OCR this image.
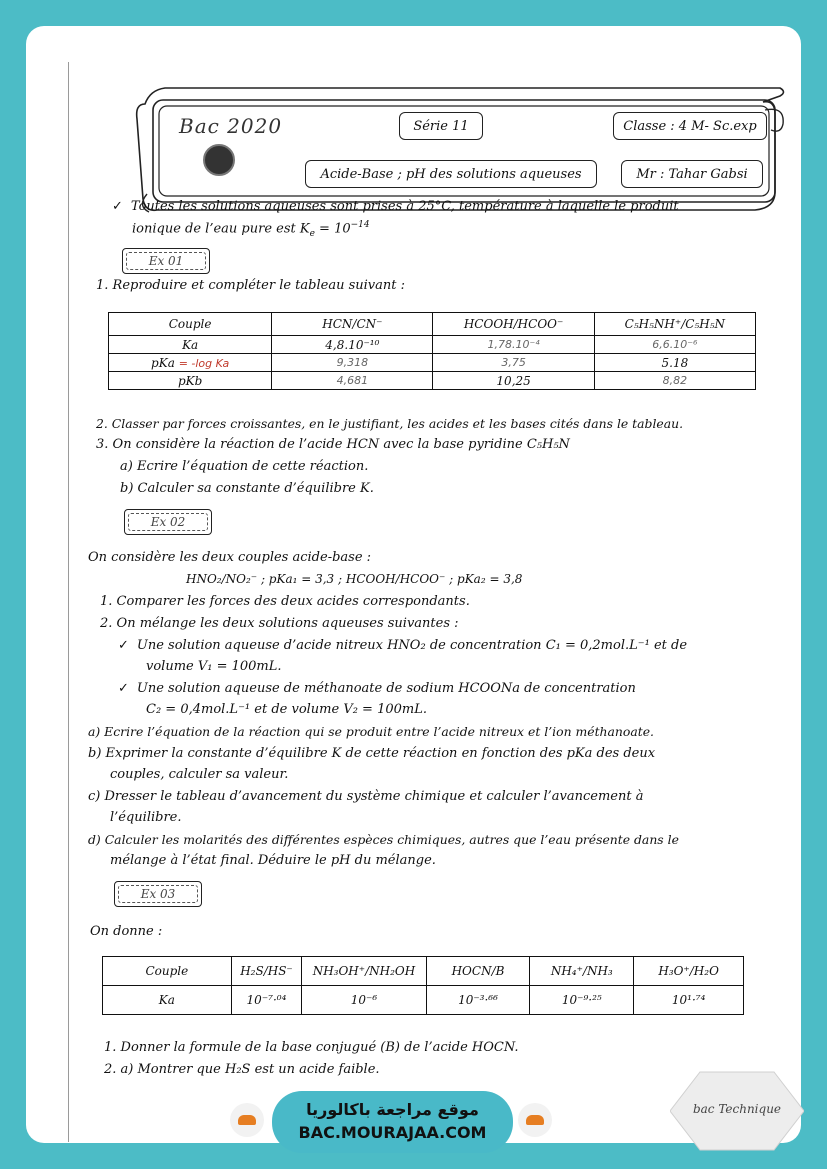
Bac 2020	Série 11	Classe : 4 M- Sc.exp
Acide-Base ; pH des solutions aqueuses	Mr : Tahar Gabsi
✓ Toutes les solutions aqueuses sont prises à 25°C, température à laquelle le produit
ionique de l’eau pure est $K_e = 10^{-14}$
Ex 01
1. Reproduire et compléter le tableau suivant :
Couple	HCN/CN⁻	HCOOH/HCOO⁻	C₅H₅NH⁺/C₅H₅N
Ka	4,8.10⁻¹⁰	1,78.10⁻⁴	6,6.10⁻⁶
pKa = -log Ka	9,318	3,75	5.18
pKb	4,681	10,25	8,82
2. Classer par forces croissantes, en le justifiant, les acides et les bases cités dans le tableau.
3. On considère la réaction de l’acide HCN avec la base pyridine C₅H₅N
a) Ecrire l’équation de cette réaction.
b) Calculer sa constante d’équilibre K.
Ex 02
On considère les deux couples acide-base :
HNO₂/NO₂⁻ ; pKa₁ = 3,3 ; HCOOH/HCOO⁻ ; pKa₂ = 3,8
1. Comparer les forces des deux acides correspondants.
2. On mélange les deux solutions aqueuses suivantes :
✓ Une solution aqueuse d’acide nitreux HNO₂ de concentration C₁ = 0,2mol.L⁻¹ et de
volume V₁ = 100mL.
✓ Une solution aqueuse de méthanoate de sodium HCOONa de concentration
C₂ = 0,4mol.L⁻¹ et de volume V₂ = 100mL.
a) Ecrire l’équation de la réaction qui se produit entre l’acide nitreux et l’ion méthanoate.
b) Exprimer la constante d’équilibre K de cette réaction en fonction des pKa des deux
couples, calculer sa valeur.
c) Dresser le tableau d’avancement du système chimique et calculer l’avancement à
l’équilibre.
d) Calculer les molarités des différentes espèces chimiques, autres que l’eau présente dans le
mélange à l’état final. Déduire le pH du mélange.
Ex 03
On donne :
Couple	H₂S/HS⁻	NH₃OH⁺/NH₂OH	HOCN/B	NH₄⁺/NH₃	H₃O⁺/H₂O
Ka	10⁻⁷·⁰⁴	10⁻⁶	10⁻³·⁶⁶	10⁻⁹·²⁵	10¹·⁷⁴
1. Donner la formule de la base conjugué (B) de l’acide HOCN.
2. a) Montrer que H₂S est un acide faible.
موقع مراجعة باكالوريا
BAC.MOURAJAA.COM
bac Technique
